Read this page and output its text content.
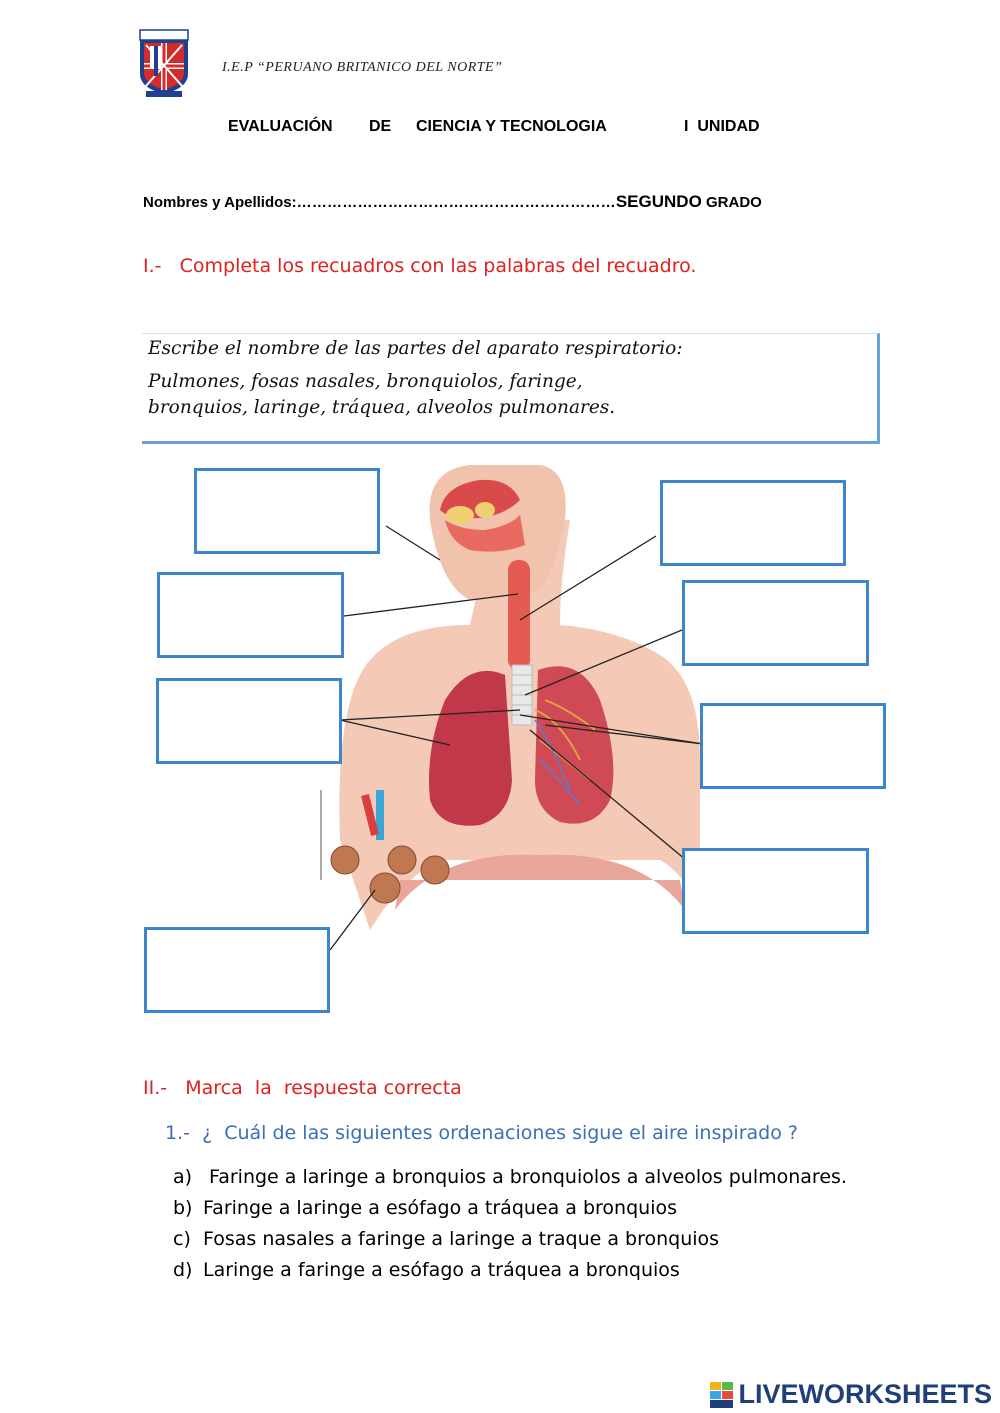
I.E.P “PERUANO BRITANICO DEL NORTE”
EVALUACIÓN DE CIENCIA Y TECNOLOGIA	I  UNIDAD
Nombres y Apellidos:………………………………………………………SEGUNDO GRADO
I.-   Completa los recuadros con las palabras del recuadro.
Escribe el nombre de las partes del aparato respiratorio:
Pulmones, fosas nasales, bronquiolos, faringe,
bronquios, laringe, tráquea, alveolos pulmonares.
II.-   Marca  la  respuesta correcta
1.-  ¿  Cuál de las siguientes ordenaciones sigue el aire inspirado ?
a) Faringe a laringe a bronquios a bronquiolos a alveolos pulmonares.
b) Faringe a laringe a esófago a tráquea a bronquios
c) Fosas nasales a faringe a laringe a traque a bronquios
d) Laringe a faringe a esófago a tráquea a bronquios
LIVEWORKSHEETS
